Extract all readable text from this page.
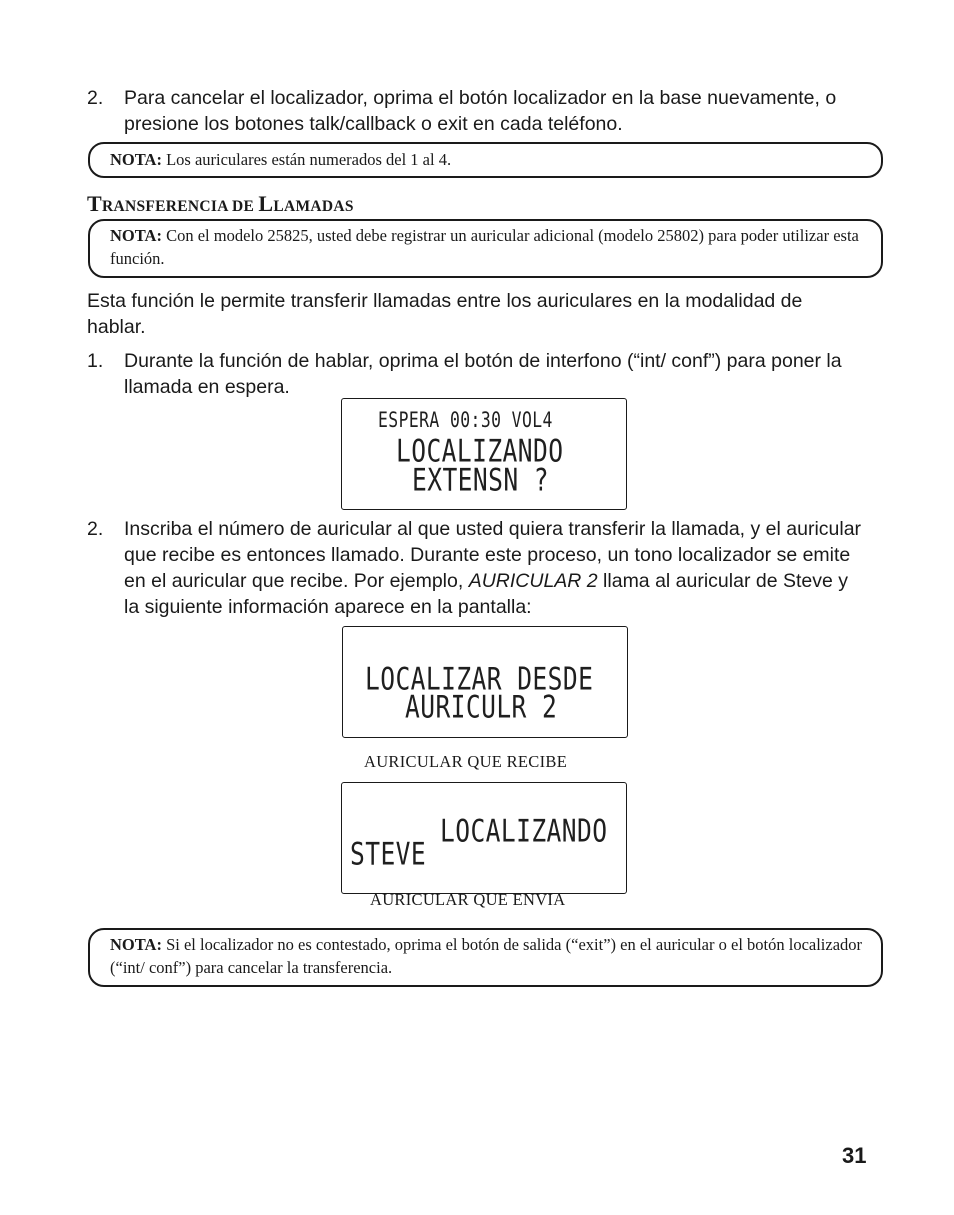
2. Para cancelar el localizador, oprima el botón localizador en la base nuevamente, o presione los botones talk/callback o exit en cada teléfono.
NOTA: Los auriculares están numerados del 1 al 4.
TRANSFERENCIA DE LLAMADAS
NOTA: Con el modelo 25825, usted debe registrar un auricular adicional (modelo 25802) para poder utilizar esta función.
Esta función le permite transferir llamadas entre los auriculares en la modalidad de hablar.
1. Durante la función de hablar, oprima el botón de interfono (“int/ conf”) para poner la llamada en espera.
ESPERA 00:30 VOL4
LOCALIZANDO
EXTENSN ?
2. Inscriba el número de auricular al que usted quiera transferir la llamada, y el auricular que recibe es entonces llamado. Durante este proceso, un tono localizador se emite en el auricular que recibe. Por ejemplo, AURICULAR 2 llama al auricular de Steve y la siguiente información aparece en la pantalla:
LOCALIZAR DESDE
AURICULR 2
AURICULAR QUE RECIBE
LOCALIZANDO
STEVE
AURICULAR QUE ENVIA
NOTA: Si el localizador no es contestado, oprima el botón de salida (“exit”) en el auricular o el botón localizador (“int/ conf”) para cancelar la transferencia.
31
